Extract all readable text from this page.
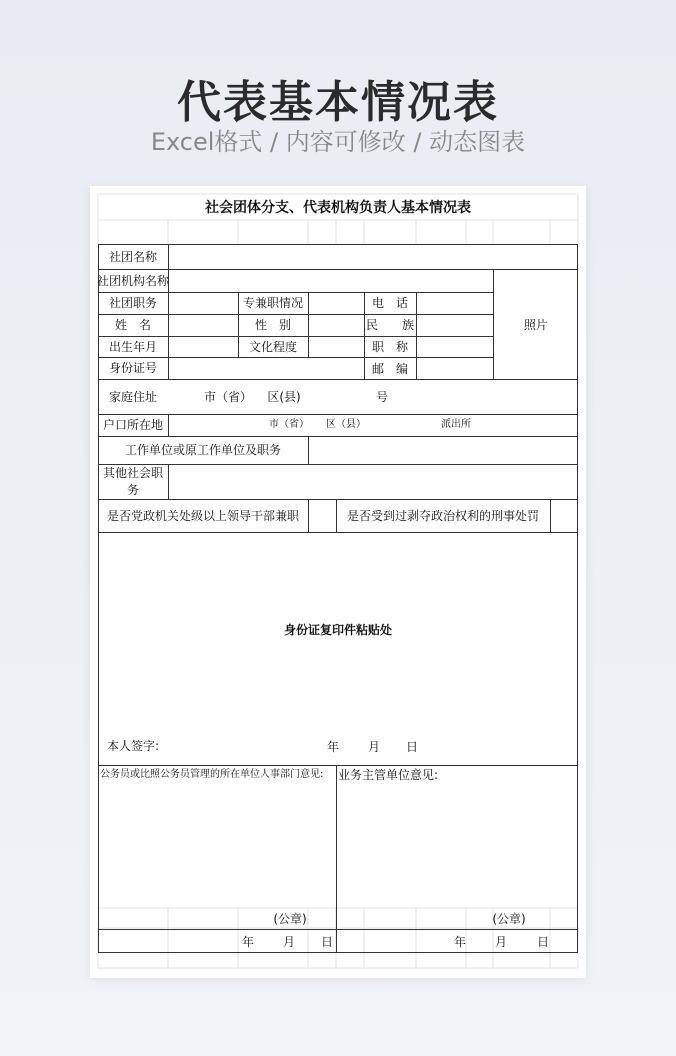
代表基本情况表
Excel格式 / 内容可修改 / 动态图表
社会团体分支、代表机构负责人基本情况表
社团名称
社团机构名称
照片
社团职务	专兼职情况	电　话
姓　名	性　别	民　　族
出生年月	文化程度	职　称
身份证号	邮　编
家庭住址	市（省） 区(县)	号
户口所在地	市（省） 区（县）	派出所
工作单位或原工作单位及职务
其他社会职务
是否党政机关处级以上领导干部兼职	是否受到过剥夺政治权利的刑事处罚
身份证复印件粘贴处
本人签字:	年 月 日
公务员或比照公务员管理的所在单位人事部门意见: 业务主管单位意见:
(公章)	(公章)
年 月 日	年 月 日
